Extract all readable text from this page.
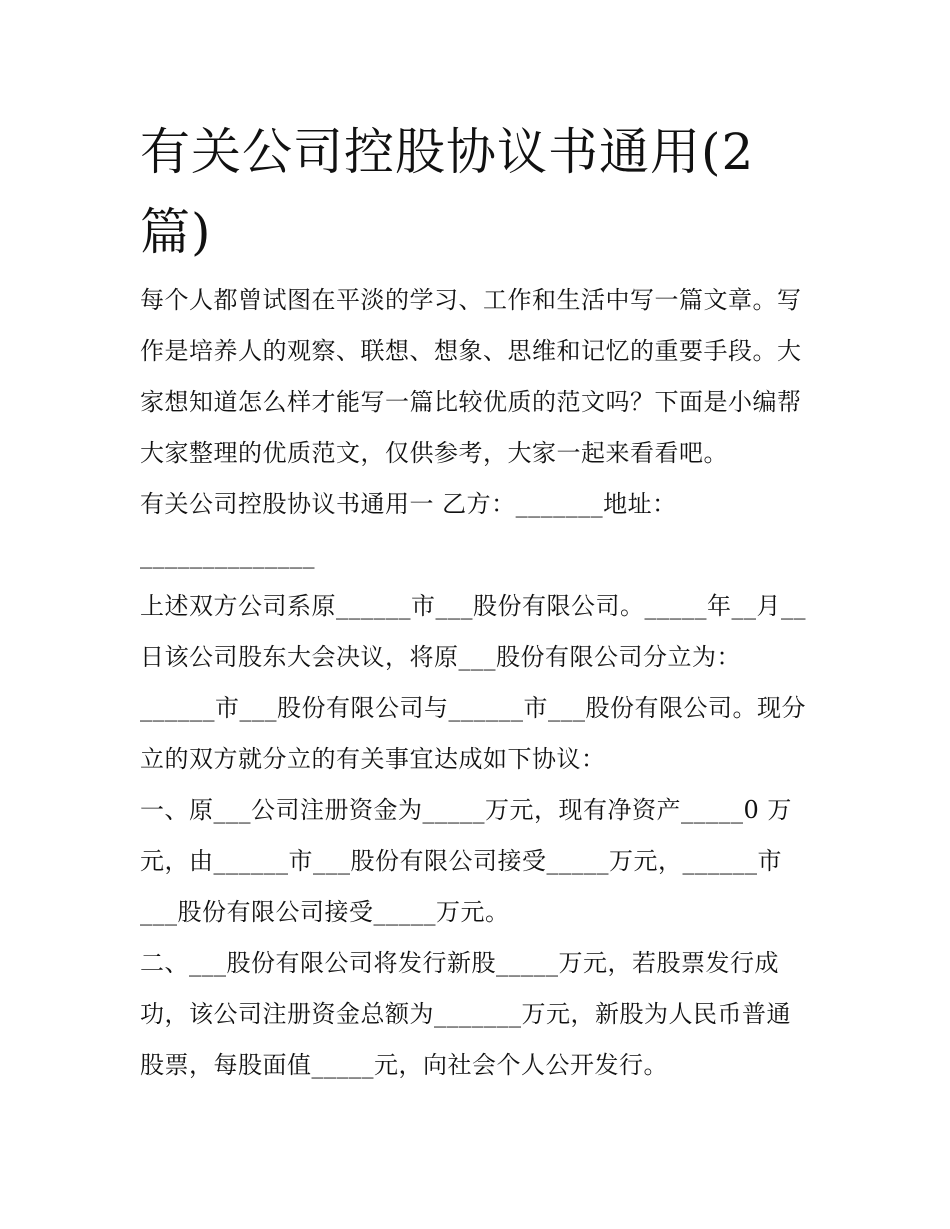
有关公司控股协议书通用(2
篇)
每个人都曾试图在平淡的学习、工作和生活中写一篇文章。写
作是培养人的观察、联想、想象、思维和记忆的重要手段。大
家想知道怎么样才能写一篇比较优质的范文吗？下面是小编帮
大家整理的优质范文，仅供参考，大家一起来看看吧。
有关公司控股协议书通用一 乙方：_______地址：
______________
上述双方公司系原______市___股份有限公司。_____年__月__
日该公司股东大会决议，将原___股份有限公司分立为：
______市___股份有限公司与______市___股份有限公司。现分
立的双方就分立的有关事宜达成如下协议：
一、原___公司注册资金为_____万元，现有净资产_____0 万
元，由______市___股份有限公司接受_____万元，______市
___股份有限公司接受_____万元。
二、___股份有限公司将发行新股_____万元，若股票发行成
功，该公司注册资金总额为_______万元，新股为人民币普通
股票，每股面值_____元，向社会个人公开发行。
